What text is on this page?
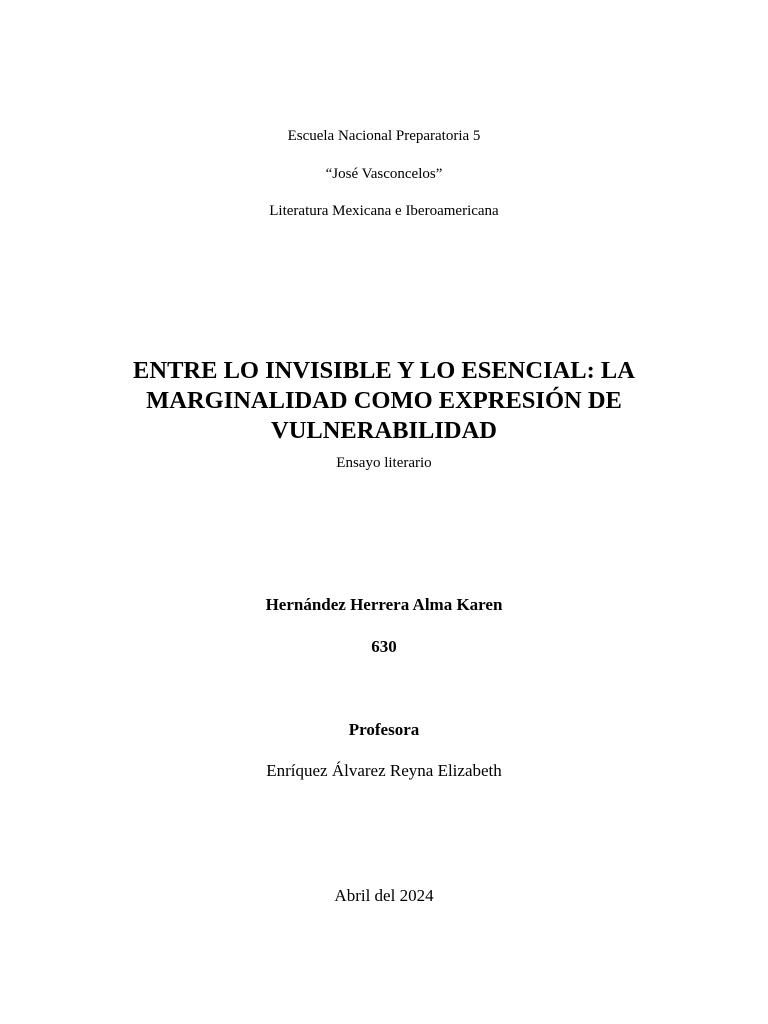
Escuela Nacional Preparatoria 5
“José Vasconcelos”
Literatura Mexicana e Iberoamericana
ENTRE LO INVISIBLE Y LO ESENCIAL: LA
MARGINALIDAD COMO EXPRESIÓN DE
VULNERABILIDAD
Ensayo literario
Hernández Herrera Alma Karen
630
Profesora
Enríquez Álvarez Reyna Elizabeth
Abril del 2024
